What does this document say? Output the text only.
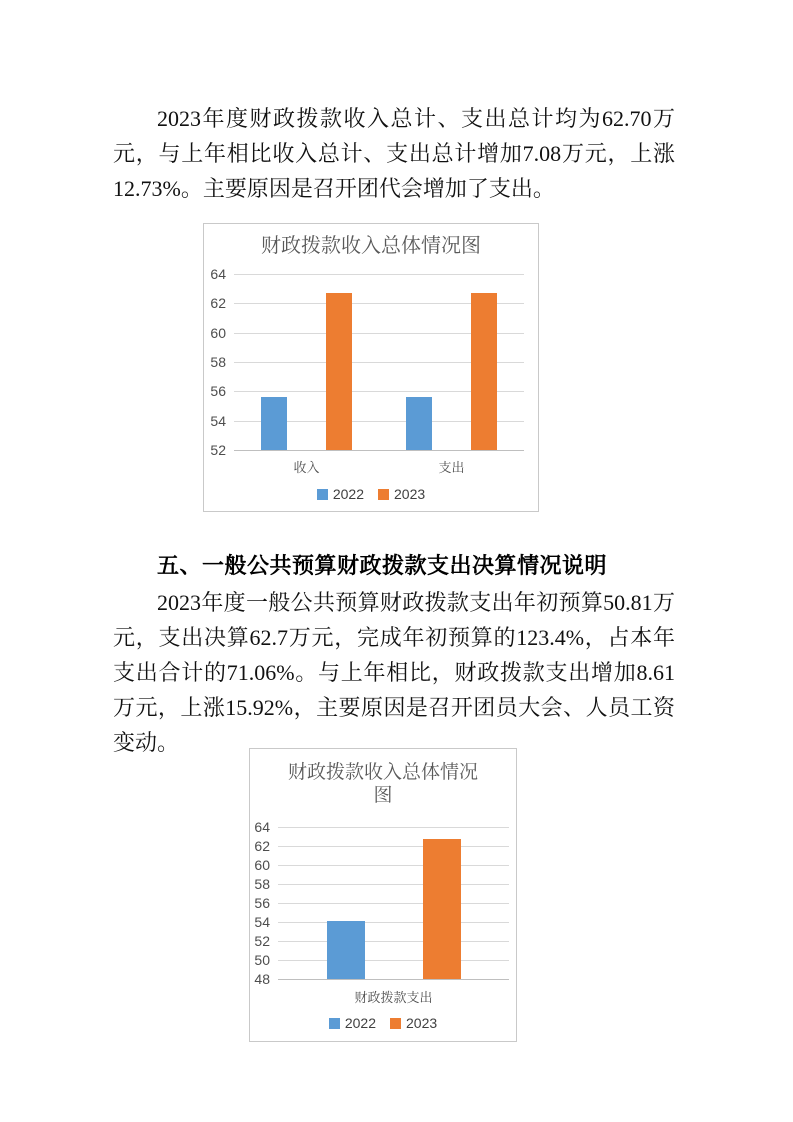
2023年度财政拨款收入总计、支出总计均为62.70万元，与上年相比收入总计、支出总计增加7.08万元，上涨12.73%。主要原因是召开团代会增加了支出。

财政拨款收入总体情况图
52
54
56
58
60
62
64
收入	支出
2022 2023
五、一般公共预算财政拨款支出决算情况说明

2023年度一般公共预算财政拨款支出年初预算50.81万元，支出决算62.7万元，完成年初预算的123.4%，占本年支出合计的71.06%。与上年相比，财政拨款支出增加8.61万元，上涨15.92%，主要原因是召开团员大会、人员工资变动。

财政拨款收入总体情况图
48
50
52
54
56
58
60
62
64
财政拨款支出
2022 2023
